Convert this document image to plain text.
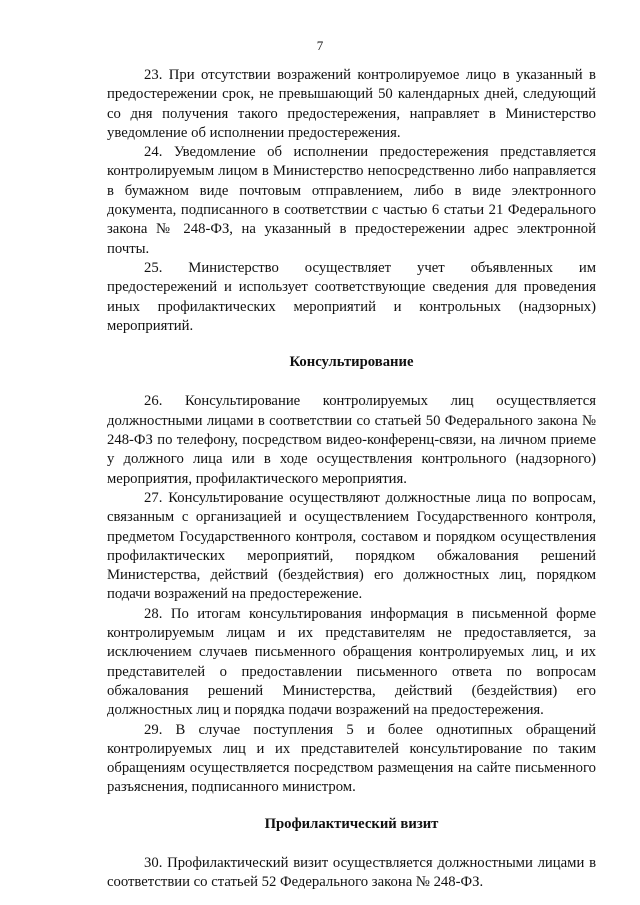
7

23. При отсутствии возражений контролируемое лицо в указанный в предостережении срок, не превышающий 50 календарных дней, следующий со дня получения такого предостережения, направляет в Министерство уведомление об исполнении предостережения.

24. Уведомление об исполнении предостережения представляется контролируемым лицом в Министерство непосредственно либо направляется в бумажном виде почтовым отправлением, либо в виде электронного документа, подписанного в соответствии с частью 6 статьи 21 Федерального закона № 248-ФЗ, на указанный в предостережении адрес электронной почты.

25. Министерство осуществляет учет объявленных им предостережений и использует соответствующие сведения для проведения иных профилактических мероприятий и контрольных (надзорных) мероприятий.

Консультирование

26. Консультирование контролируемых лиц осуществляется должностными лицами в соответствии со статьей 50 Федерального закона № 248-ФЗ по телефону, посредством видео-конференц-связи, на личном приеме у должного лица или в ходе осуществления контрольного (надзорного) мероприятия, профилактического мероприятия.

27. Консультирование осуществляют должностные лица по вопросам, связанным с организацией и осуществлением Государственного контроля, предметом Государственного контроля, составом и порядком осуществления профилактических мероприятий, порядком обжалования решений Министерства, действий (бездействия) его должностных лиц, порядком подачи возражений на предостережение.

28. По итогам консультирования информация в письменной форме контролируемым лицам и их представителям не предоставляется, за исключением случаев письменного обращения контролируемых лиц, и их представителей о предоставлении письменного ответа по вопросам обжалования решений Министерства, действий (бездействия) его должностных лиц и порядка подачи возражений на предостережения.

29. В случае поступления 5 и более однотипных обращений контролируемых лиц и их представителей консультирование по таким обращениям осуществляется посредством размещения на сайте письменного разъяснения, подписанного министром.

Профилактический визит

30. Профилактический визит осуществляется должностными лицами в соответствии со статьей 52 Федерального закона № 248-ФЗ.
